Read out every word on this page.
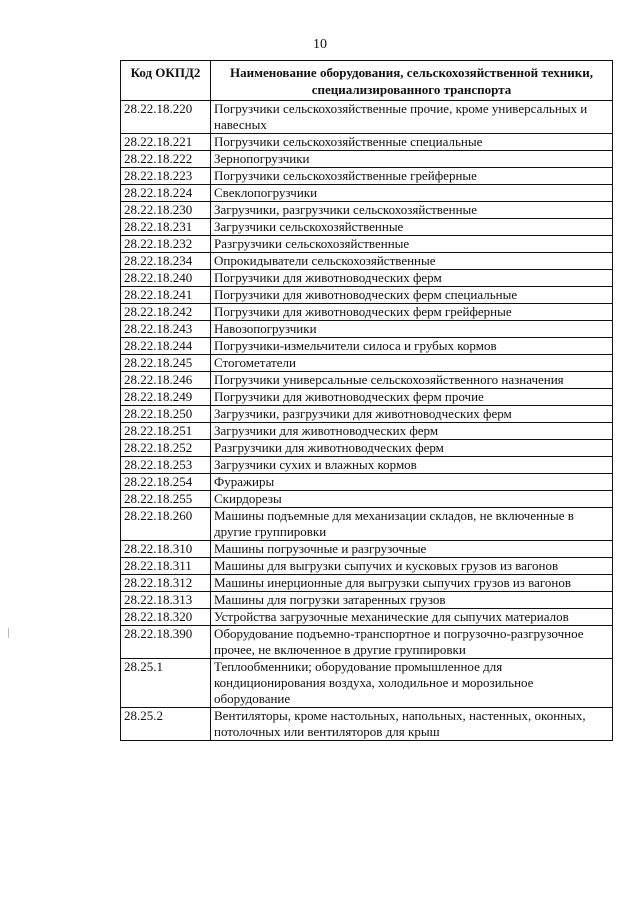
10
Код ОКПД2	Наименование оборудования, сельскохозяйственной техники, специализированного транспорта
28.22.18.220	Погрузчики сельскохозяйственные прочие, кроме универсальных и навесных
28.22.18.221	Погрузчики сельскохозяйственные специальные
28.22.18.222	Зернопогрузчики
28.22.18.223	Погрузчики сельскохозяйственные грейферные
28.22.18.224	Свеклопогрузчики
28.22.18.230	Загрузчики, разгрузчики сельскохозяйственные
28.22.18.231	Загрузчики сельскохозяйственные
28.22.18.232	Разгрузчики сельскохозяйственные
28.22.18.234	Опрокидыватели сельскохозяйственные
28.22.18.240	Погрузчики для животноводческих ферм
28.22.18.241	Погрузчики для животноводческих ферм специальные
28.22.18.242	Погрузчики для животноводческих ферм грейферные
28.22.18.243	Навозопогрузчики
28.22.18.244	Погрузчики-измельчители силоса и грубых кормов
28.22.18.245	Стогометатели
28.22.18.246	Погрузчики универсальные сельскохозяйственного назначения
28.22.18.249	Погрузчики для животноводческих ферм прочие
28.22.18.250	Загрузчики, разгрузчики для животноводческих ферм
28.22.18.251	Загрузчики для животноводческих ферм
28.22.18.252	Разгрузчики для животноводческих ферм
28.22.18.253	Загрузчики сухих и влажных кормов
28.22.18.254	Фуражиры
28.22.18.255	Скирдорезы
28.22.18.260	Машины подъемные для механизации складов, не включенные в другие группировки
28.22.18.310	Машины погрузочные и разгрузочные
28.22.18.311	Машины для выгрузки сыпучих и кусковых грузов из вагонов
28.22.18.312	Машины инерционные для выгрузки сыпучих грузов из вагонов
28.22.18.313	Машины для погрузки затаренных грузов
28.22.18.320	Устройства загрузочные механические для сыпучих материалов
28.22.18.390	Оборудование подъемно-транспортное и погрузочно-разгрузочное прочее, не включенное в другие группировки
28.25.1	Теплообменники; оборудование промышленное для кондиционирования воздуха, холодильное и морозильное оборудование
28.25.2	Вентиляторы, кроме настольных, напольных, настенных, оконных, потолочных или вентиляторов для крыш
